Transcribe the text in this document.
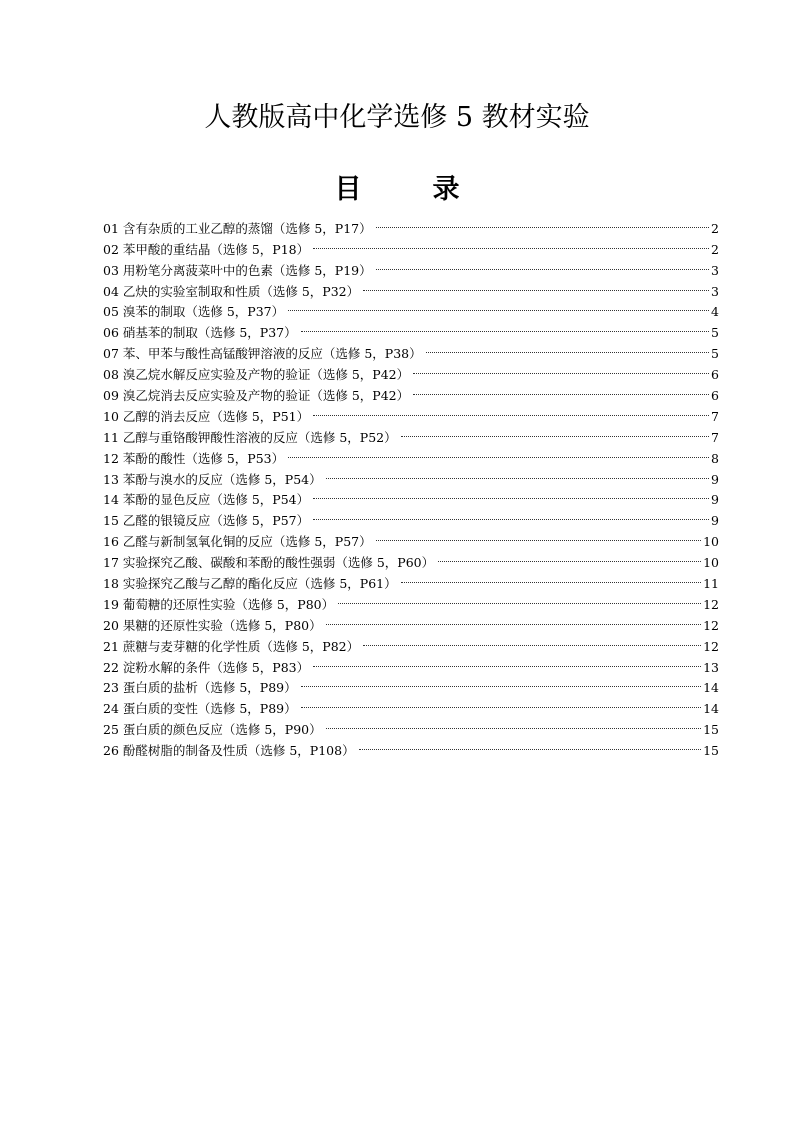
人教版高中化学选修 5 教材实验
目　录
01 含有杂质的工业乙醇的蒸馏（选修 5，P17）	2
02 苯甲酸的重结晶（选修 5，P18）	2
03 用粉笔分离菠菜叶中的色素（选修 5，P19）	3
04 乙炔的实验室制取和性质（选修 5，P32）	3
05 溴苯的制取（选修 5，P37）	4
06 硝基苯的制取（选修 5，P37）	5
07 苯、甲苯与酸性高锰酸钾溶液的反应（选修 5，P38）	5
08 溴乙烷水解反应实验及产物的验证（选修 5，P42）	6
09 溴乙烷消去反应实验及产物的验证（选修 5，P42）	6
10 乙醇的消去反应（选修 5，P51）	7
11 乙醇与重铬酸钾酸性溶液的反应（选修 5，P52）	7
12 苯酚的酸性（选修 5，P53）	8
13 苯酚与溴水的反应（选修 5，P54）	9
14 苯酚的显色反应（选修 5，P54）	9
15 乙醛的银镜反应（选修 5，P57）	9
16 乙醛与新制氢氧化铜的反应（选修 5，P57）	10
17 实验探究乙酸、碳酸和苯酚的酸性强弱（选修 5，P60）	10
18 实验探究乙酸与乙醇的酯化反应（选修 5，P61）	11
19 葡萄糖的还原性实验（选修 5，P80）	12
20 果糖的还原性实验（选修 5，P80）	12
21 蔗糖与麦芽糖的化学性质（选修 5，P82）	12
22 淀粉水解的条件（选修 5，P83）	13
23 蛋白质的盐析（选修 5，P89）	14
24 蛋白质的变性（选修 5，P89）	14
25 蛋白质的颜色反应（选修 5，P90）	15
26 酚醛树脂的制备及性质（选修 5，P108）	15
